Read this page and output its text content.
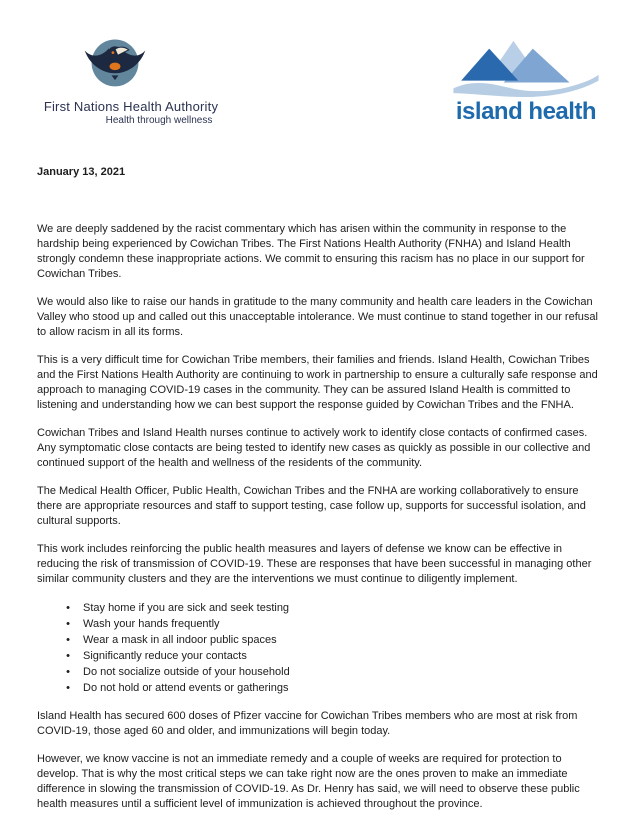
First Nations Health Authority
Health through wellness	island health
January 13, 2021

We are deeply saddened by the racist commentary which has arisen within the community in response to the hardship being experienced by Cowichan Tribes. The First Nations Health Authority (FNHA) and Island Health strongly condemn these inappropriate actions. We commit to ensuring this racism has no place in our support for Cowichan Tribes.

We would also like to raise our hands in gratitude to the many community and health care leaders in the Cowichan Valley who stood up and called out this unacceptable intolerance. We must continue to stand together in our refusal to allow racism in all its forms.

This is a very difficult time for Cowichan Tribe members, their families and friends. Island Health, Cowichan Tribes and the First Nations Health Authority are continuing to work in partnership to ensure a culturally safe response and approach to managing COVID-19 cases in the community. They can be assured Island Health is committed to listening and understanding how we can best support the response guided by Cowichan Tribes and the FNHA.

Cowichan Tribes and Island Health nurses continue to actively work to identify close contacts of confirmed cases. Any symptomatic close contacts are being tested to identify new cases as quickly as possible in our collective and continued support of the health and wellness of the residents of the community.

The Medical Health Officer, Public Health, Cowichan Tribes and the FNHA are working collaboratively to ensure there are appropriate resources and staff to support testing, case follow up, supports for successful isolation, and cultural supports.

This work includes reinforcing the public health measures and layers of defense we know can be effective in reducing the risk of transmission of COVID-19. These are responses that have been successful in managing other similar community clusters and they are the interventions we must continue to diligently implement.

•
Stay home if you are sick and seek testing
•
Wash your hands frequently
•
Wear a mask in all indoor public spaces
•
Significantly reduce your contacts
•
Do not socialize outside of your household
•
Do not hold or attend events or gatherings

Island Health has secured 600 doses of Pfizer vaccine for Cowichan Tribes members who are most at risk from COVID-19, those aged 60 and older, and immunizations will begin today.

However, we know vaccine is not an immediate remedy and a couple of weeks are required for protection to develop. That is why the most critical steps we can take right now are the ones proven to make an immediate difference in slowing the transmission of COVID-19. As Dr. Henry has said, we will need to observe these public health measures until a sufficient level of immunization is achieved throughout the province.
